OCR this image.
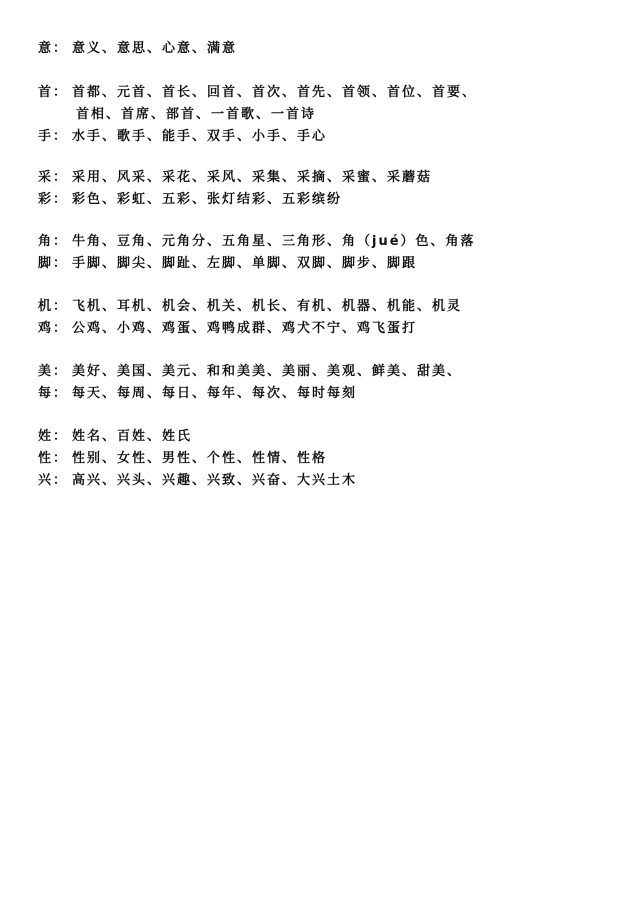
意： 意义、意思、心意、满意
首： 首都、元首、首长、回首、首次、首先、首领、首位、首要、
首相、首席、部首、一首歌、一首诗
手： 水手、歌手、能手、双手、小手、手心
采： 采用、风采、采花、采风、采集、采摘、采蜜、采蘑菇
彩： 彩色、彩虹、五彩、张灯结彩、五彩缤纷
角： 牛角、豆角、元角分、五角星、三角形、角（jué）色、角落
脚： 手脚、脚尖、脚趾、左脚、单脚、双脚、脚步、脚跟
机： 飞机、耳机、机会、机关、机长、有机、机器、机能、机灵
鸡： 公鸡、小鸡、鸡蛋、鸡鸭成群、鸡犬不宁、鸡飞蛋打
美： 美好、美国、美元、和和美美、美丽、美观、鲜美、甜美、
每： 每天、每周、每日、每年、每次、每时每刻
姓： 姓名、百姓、姓氏
性： 性别、女性、男性、个性、性情、性格
兴： 高兴、兴头、兴趣、兴致、兴奋、大兴土木
